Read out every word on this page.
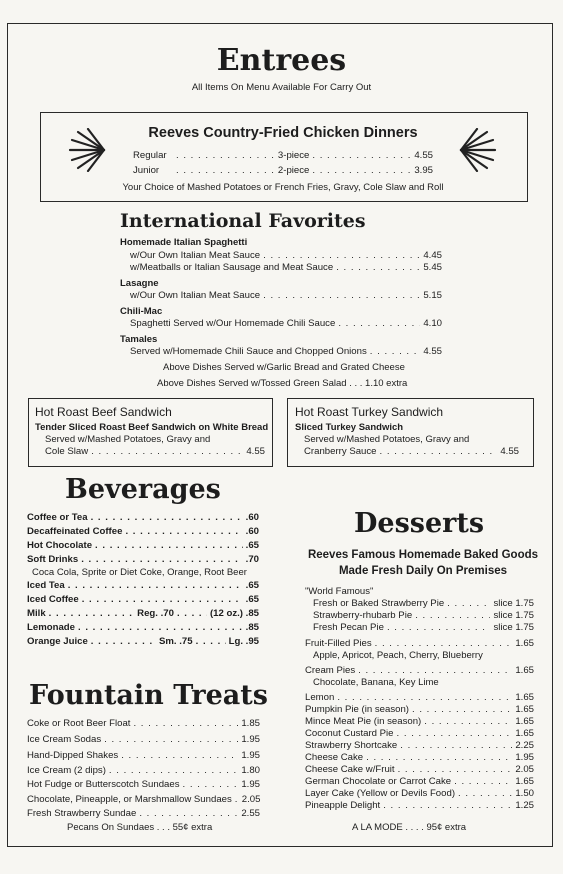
Entrees
All Items On Menu Available For Carry Out
Reeves Country-Fried Chicken Dinners
Regular . . .	3-piece . . .	4.55
Junior . . .	2-piece . . .	3.95
Your Choice of Mashed Potatoes or French Fries, Gravy, Cole Slaw and Roll
International Favorites
Homemade Italian Spaghetti
w/Our Own Italian Meat Sauce . . .	4.45
w/Meatballs or Italian Sausage and Meat Sauce . . .	5.45
Lasagne
w/Our Own Italian Meat Sauce . . .	5.15
Chili-Mac
Spaghetti Served w/Our Homemade Chili Sauce . . .	4.10
Tamales
Served w/Homemade Chili Sauce and Chopped Onions . . .	4.55
Above Dishes Served w/Garlic Bread and Grated Cheese
Above Dishes Served w/Tossed Green Salad . . . 1.10 extra
Hot Roast Beef Sandwich
Tender Sliced Roast Beef Sandwich on White Bread
Served w/Mashed Potatoes, Gravy and
Cole Slaw . . .	4.55
Hot Roast Turkey Sandwich
Sliced Turkey Sandwich
Served w/Mashed Potatoes, Gravy and
Cranberry Sauce . . .	4.55
Beverages
Coffee or Tea . . .	.60
Decaffeinated Coffee . . .	.60
Hot Chocolate . . .	.65
Soft Drinks . . .	.70
Coca Cola, Sprite or Diet Coke, Orange, Root Beer
Iced Tea . . .	.65
Iced Coffee . . .	.65
Milk . . .	Reg. .70 . . .	(12 oz.) .85
Lemonade . . .	.85
Orange Juice . . .	Sm. .75 . . .	Lg. .95
Fountain Treats
Coke or Root Beer Float . . .	1.85
Ice Cream Sodas . . .	1.95
Hand-Dipped Shakes . . .	1.95
Ice Cream (2 dips) . . .	1.80
Hot Fudge or Butterscotch Sundaes . . .	1.95
Chocolate, Pineapple, or Marshmallow Sundaes . . . 2.05
Fresh Strawberry Sundae . . .	2.55
Pecans On Sundaes . . . 55¢ extra
Desserts
Reeves Famous Homemade Baked Goods
Made Fresh Daily On Premises
"World Famous"
Fresh or Baked Strawberry Pie . . .	slice 1.75
Strawberry-rhubarb Pie . . .	slice 1.75
Fresh Pecan Pie . . .	slice 1.75
Fruit-Filled Pies . . .	1.65
Apple, Apricot, Peach, Cherry, Blueberry
Cream Pies . . .	1.65
Chocolate, Banana, Key Lime
Lemon . . .	1.65
Pumpkin Pie (in season) . . .	1.65
Mince Meat Pie (in season) . . .	1.65
Coconut Custard Pie . . .	1.65
Strawberry Shortcake . . .	2.25
Cheese Cake . . .	1.95
Cheese Cake w/Fruit . . .	2.05
German Chocolate or Carrot Cake . . .	1.65
Layer Cake (Yellow or Devils Food) . . .	1.50
Pineapple Delight . . .	1.25
A LA MODE . . . . 95¢ extra
